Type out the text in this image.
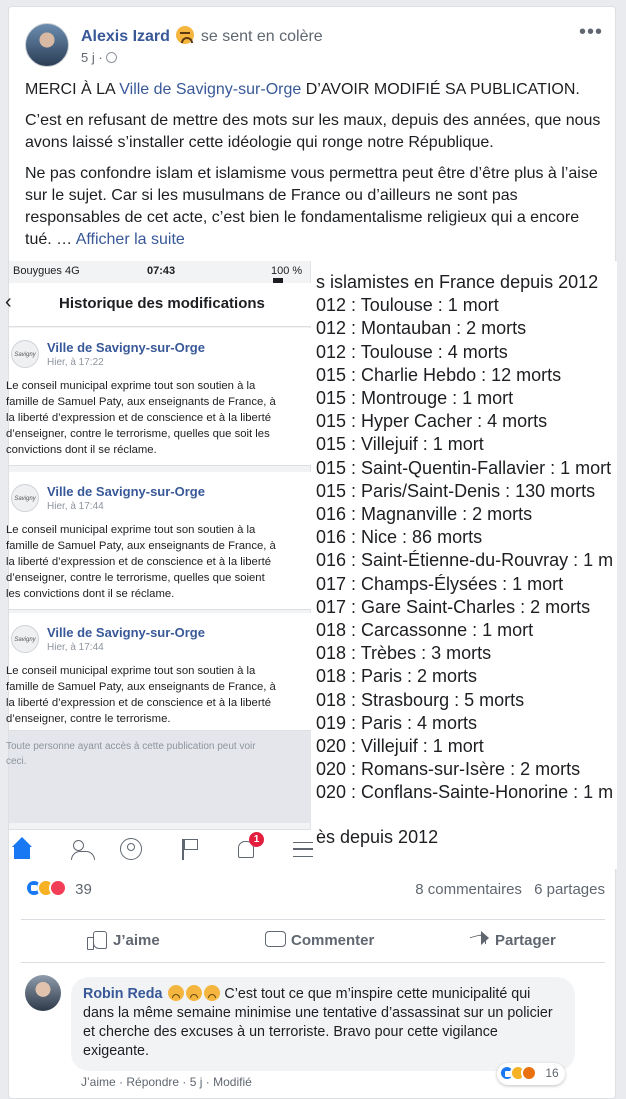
Alexis Izard se sent en colère
5 j ·
•••

MERCI À LA Ville de Savigny-sur-Orge D’AVOIR MODIFIÉ SA PUBLICATION.

C’est en refusant de mettre des mots sur les maux, depuis des années, que nous avons laissé s’installer cette idéologie qui ronge notre République.

Ne pas confondre islam et islamisme vous permettra peut être d’être plus à l’aise sur le sujet. Car si les musulmans de France ou d’ailleurs ne sont pas responsables de cet acte, c’est bien le fondamentalisme religieux qui a encore tué. … Afficher la suite

Bouygues 4G	07:43	100 %
‹	Historique des modifications
Savigny Ville de Savigny-sur-Orge
Hier, à 17:22
Le conseil municipal exprime tout son soutien à la
famille de Samuel Paty, aux enseignants de France, à
la liberté d’expression et de conscience et à la liberté
d’enseigner, contre le terrorisme, quelles que soit les
convictions dont il se réclame.
Savigny Ville de Savigny-sur-Orge
Hier, à 17:44
Le conseil municipal exprime tout son soutien à la
famille de Samuel Paty, aux enseignants de France, à
la liberté d’expression et de conscience et à la liberté
d’enseigner, contre le terrorisme, quelles que soient
les convictions dont il se réclame.
Savigny Ville de Savigny-sur-Orge
Hier, à 17:44
Le conseil municipal exprime tout son soutien à la
famille de Samuel Paty, aux enseignants de France, à
la liberté d’expression et de conscience et à la liberté
d’enseigner, contre le terrorisme.
Toute personne ayant accès à cette publication peut voir
ceci.
1
s islamistes en France depuis 2012
012 : Toulouse : 1 mort
012 : Montauban : 2 morts
012 : Toulouse : 4 morts
015 : Charlie Hebdo : 12 morts
015 : Montrouge : 1 mort
015 : Hyper Cacher : 4 morts
015 : Villejuif : 1 mort
015 : Saint-Quentin-Fallavier : 1 mort
015 : Paris/Saint-Denis : 130 morts
016 : Magnanville : 2 morts
016 : Nice : 86 morts
016 : Saint-Étienne-du-Rouvray : 1 m
017 : Champs-Élysées : 1 mort
017 : Gare Saint-Charles : 2 morts
018 : Carcassonne : 1 mort
018 : Trèbes : 3 morts
018 : Paris : 2 morts
018 : Strasbourg : 5 morts
019 : Paris : 4 morts
020 : Villejuif : 1 mort
020 : Romans-sur-Isère : 2 morts
020 : Conflans-Sainte-Honorine : 1 m
ès depuis 2012
39	8 commentaires 6 partages
J’aime	Commenter	Partager
Robin Reda	C’est tout ce que m’inspire cette municipalité qui dans la même semaine minimise une tentative d’assassinat sur un policier et cherche des excuses à un terroriste. Bravo pour cette vigilance exigeante.
16
J’aime · Répondre · 5 j · Modifié
